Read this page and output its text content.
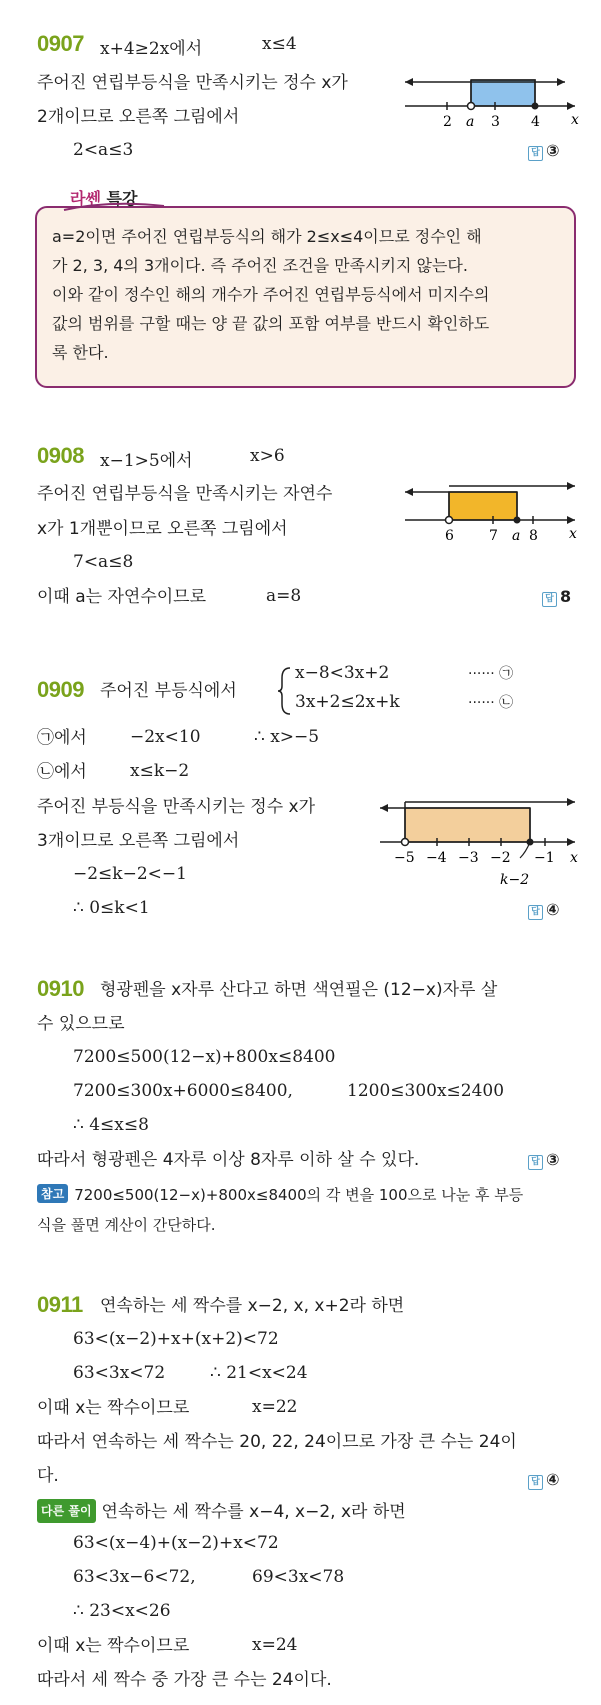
0907 x+4≥2x에서	x≤4
주어진 연립부등식을 만족시키는 정수 x가
2개이므로 오른쪽 그림에서
2<a≤3	답 ③
2 a 3 4 x
라쎈 특강
a=2이면 주어진 연립부등식의 해가 2≤x≤4이므로 정수인 해
가 2, 3, 4의 3개이다. 즉 주어진 조건을 만족시키지 않는다.
이와 같이 정수인 해의 개수가 주어진 연립부등식에서 미지수의
값의 범위를 구할 때는 양 끝 값의 포함 여부를 반드시 확인하도
록 한다.
0908 x−1>5에서	x>6
주어진 연립부등식을 만족시키는 자연수
x가 1개뿐이므로 오른쪽 그림에서
7<a≤8
이때 a는 자연수이므로	a=8	답 8
6	7 a 8 x
0909 주어진 부등식에서
x−8<3x+2	······ ㉠
3x+2≤2x+k	······ ㉡
㉠에서	−2x<10	∴ x>−5
㉡에서	x≤k−2
주어진 부등식을 만족시키는 정수 x가
3개이므로 오른쪽 그림에서
−2≤k−2<−1
∴ 0≤k<1	답 ④
−5 −4 −3 −2 −1 x
k−2
0910 형광펜을 x자루 산다고 하면 색연필은 (12−x)자루 살
수 있으므로
7200≤500(12−x)+800x≤8400
7200≤300x+6000≤8400,	1200≤300x≤2400
∴ 4≤x≤8
따라서 형광펜은 4자루 이상 8자루 이하 살 수 있다.	답 ③
참고 7200≤500(12−x)+800x≤8400의 각 변을 100으로 나눈 후 부등
식을 풀면 계산이 간단하다.
0911 연속하는 세 짝수를 x−2, x, x+2라 하면
63<(x−2)+x+(x+2)<72
63<3x<72	∴ 21<x<24
이때 x는 짝수이므로	x=22
따라서 연속하는 세 짝수는 20, 22, 24이므로 가장 큰 수는 24이
다.	답 ④
다른 풀이 연속하는 세 짝수를 x−4, x−2, x라 하면
63<(x−4)+(x−2)+x<72
63<3x−6<72,	69<3x<78
∴ 23<x<26
이때 x는 짝수이므로	x=24
따라서 세 짝수 중 가장 큰 수는 24이다.
